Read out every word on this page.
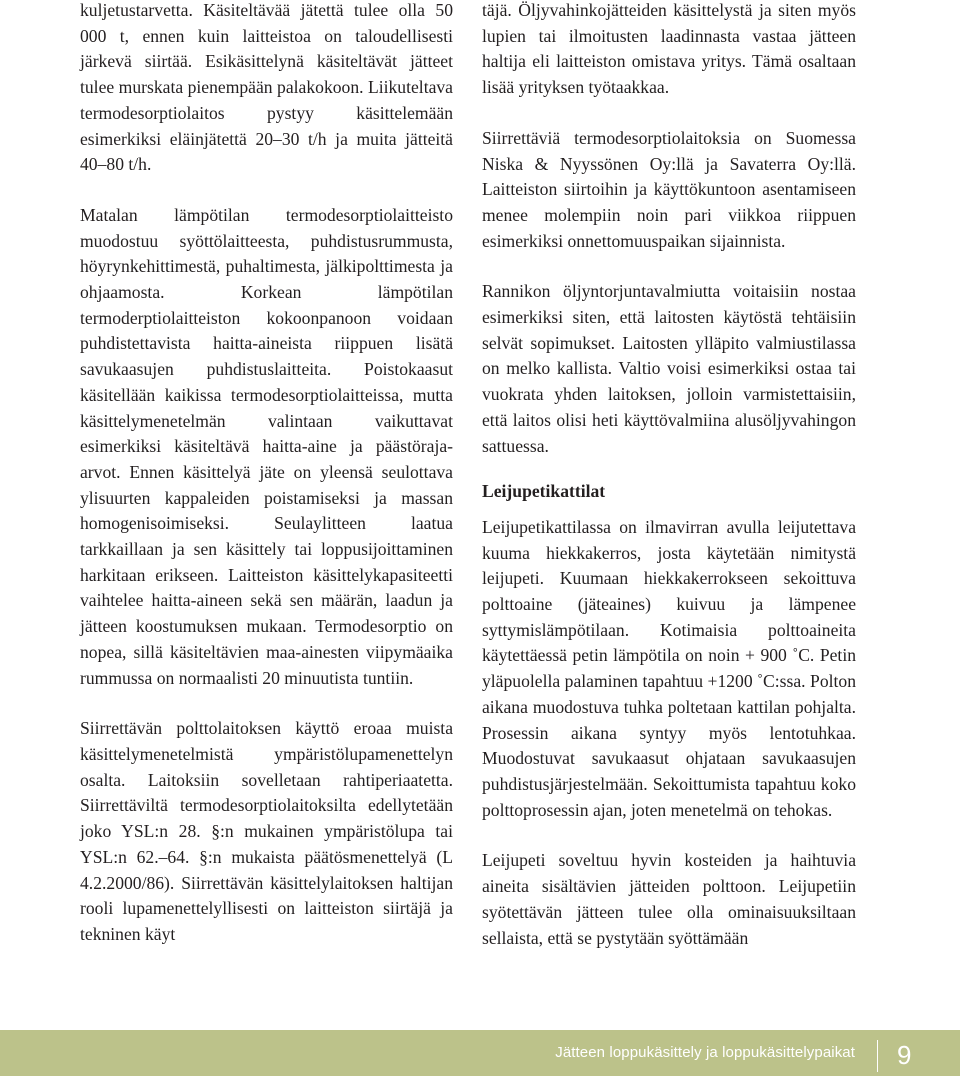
kuljetustarvetta. Käsiteltävää jätettä tulee olla 50 000 t, ennen kuin laitteistoa on taloudellisesti järkevä siirtää. Esikäsittelynä käsiteltävät jätteet tulee murskata pienempään palakokoon. Liikuteltava termodesorptiolaitos pystyy käsittelemään esimerkiksi eläinjätettä 20–30 t/h ja muita jätteitä 40–80 t/h.

Matalan lämpötilan termodesorptiolaitteisto muodostuu syöttölaitteesta, puhdistusrummusta, höyrynkehittimestä, puhaltimesta, jälkipolttimesta ja ohjaamosta. Korkean lämpötilan termoderptiolaitteiston kokoonpanoon voidaan puhdistettavista haitta-aineista riippuen lisätä savukaasujen puhdistuslaitteita. Poistokaasut käsitellään kaikissa termodesorptiolaitteissa, mutta käsittelymenetelmän valintaan vaikuttavat esimerkiksi käsiteltävä haitta-aine ja päästöraja-arvot. Ennen käsittelyä jäte on yleensä seulottava ylisuurten kappaleiden poistamiseksi ja massan homogenisoimiseksi. Seulaylitteen laatua tarkkaillaan ja sen käsittely tai loppusijoittaminen harkitaan erikseen. Laitteiston käsittelykapasiteetti vaihtelee haitta-aineen sekä sen määrän, laadun ja jätteen koostumuksen mukaan. Termodesorptio on nopea, sillä käsiteltävien maa-ainesten viipymäaika rummussa on normaalisti 20 minuutista tuntiin.

Siirrettävän polttolaitoksen käyttö eroaa muista käsittelymenetelmistä ympäristölupamenettelyn osalta. Laitoksiin sovelletaan rahtiperiaatetta. Siirrettäviltä termodesorptiolaitoksilta edellytetään joko YSL:n 28. §:n mukainen ympäristölupa tai YSL:n 62.–64. §:n mukaista päätösmenettelyä (L 4.2.2000/86). Siirrettävän käsittelylaitoksen haltijan rooli lupamenettelyllisesti on laitteiston siirtäjä ja tekninen käyt

täjä. Öljyvahinkojätteiden käsittelystä ja siten myös lupien tai ilmoitusten laadinnasta vastaa jätteen haltija eli laitteiston omistava yritys. Tämä osaltaan lisää yrityksen työtaakkaa.

Siirrettäviä termodesorptiolaitoksia on Suomessa Niska & Nyyssönen Oy:llä ja Savaterra Oy:llä. Laitteiston siirtoihin ja käyttökuntoon asentamiseen menee molempiin noin pari viikkoa riippuen esimerkiksi onnettomuuspaikan sijainnista.

Rannikon öljyntorjuntavalmiutta voitaisiin nostaa esimerkiksi siten, että laitosten käytöstä tehtäisiin selvät sopimukset. Laitosten ylläpito valmiustilassa on melko kallista. Valtio voisi esimerkiksi ostaa tai vuokrata yhden laitoksen, jolloin varmistettaisiin, että laitos olisi heti käyttövalmiina alusöljyvahingon sattuessa.

Leijupetikattilat

Leijupetikattilassa on ilmavirran avulla leijutettava kuuma hiekkakerros, josta käytetään nimitystä leijupeti. Kuumaan hiekkakerrokseen sekoittuva polttoaine (jäteaines) kuivuu ja lämpenee syttymislämpötilaan. Kotimaisia polttoaineita käytettäessä petin lämpötila on noin + 900 ˚C. Petin yläpuolella palaminen tapahtuu +1200 ˚C:ssa. Polton aikana muodostuva tuhka poltetaan kattilan pohjalta. Prosessin aikana syntyy myös lentotuhkaa. Muodostuvat savukaasut ohjataan savukaasujen puhdistusjärjestelmään. Sekoittumista tapahtuu koko polttoprosessin ajan, joten menetelmä on tehokas.

Leijupeti soveltuu hyvin kosteiden ja haihtuvia aineita sisältävien jätteiden polttoon. Leijupetiin syötettävän jätteen tulee olla ominaisuuksiltaan sellaista, että se pystytään syöttämään

Jätteen loppukäsittely ja loppukäsittelypaikat 9
